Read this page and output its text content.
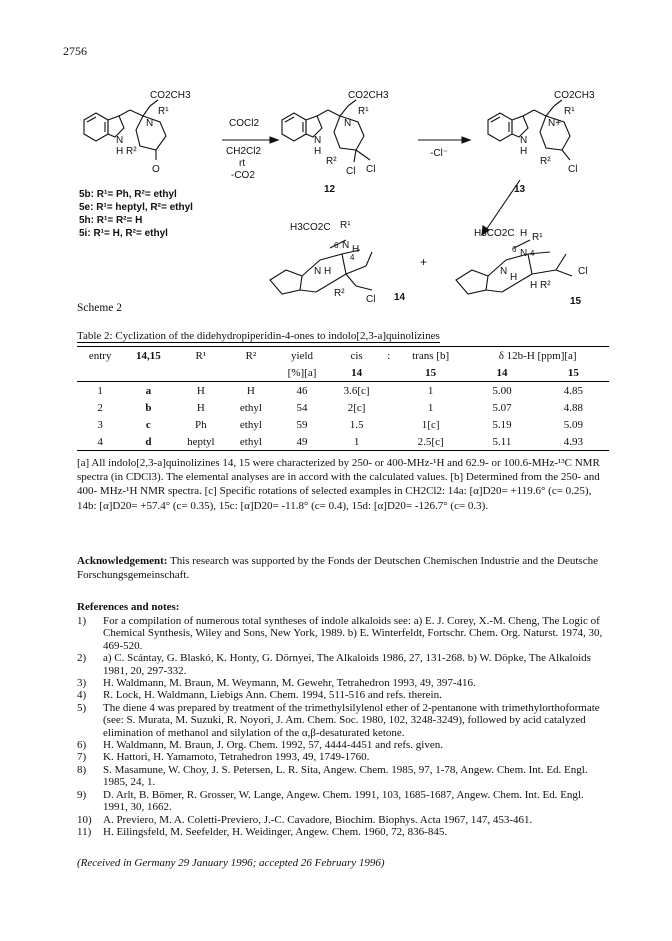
2756
CO2CH3
R¹
N
N
H R²
O
COCl2
CH2Cl2
rt
-CO2
-Cl⁻
CO2CH3
R¹
N
N
H
R²
Cl Cl
12
CO2CH3
R¹
N+
N
H
R²
Cl
13
H3CO2C R¹
6 N H
4
N H
R²
Cl 14
+
H3CO2C H R¹
6 N 4
N
H
H R²
Cl
15
5b: R¹= Ph, R²= ethyl
5e: R¹= heptyl, R²= ethyl
5h: R¹= R²= H
5i: R¹= H, R²= ethyl
Scheme 2
Table 2: Cyclization of the didehydropiperidin-4-ones to indolo[2,3-a]quinolizines
entry	14,15	R¹	R²	yield	cis	:	trans [b]	δ 12b-H [ppm][a]	
				[%][a]	14		15	14	15
1	a	H	H	46	3.6[c]		1	5.00	4.85
2	b	H	ethyl	54	2[c]		1	5.07	4.88
3	c	Ph	ethyl	59	1.5		1[c]	5.19	5.09
4	d	heptyl	ethyl	49	1		2.5[c]	5.11	4.93
[a] All indolo[2,3-a]quinolizines 14, 15 were characterized by 250- or 400-MHz-¹H and 62.9- or 100.6-MHz-¹³C NMR spectra (in CDCl3). The elemental analyses are in accord with the calculated values. [b] Determined from the 250- and 400- MHz-¹H NMR spectra. [c] Specific rotations of selected examples in CH2Cl2: 14a: [α]D20= +119.6° (c= 0.25), 14b: [α]D20= +57.4° (c= 0.35), 15c: [α]D20= -11.8° (c= 0.4), 15d: [α]D20= -126.7° (c= 0.3).
Acknowledgement: This research was supported by the Fonds der Deutschen Chemischen Industrie and the Deutsche Forschungsgemeinschaft.
References and notes:
1)	For a compilation of numerous total syntheses of indole alkaloids see: a) E. J. Corey, X.-M. Cheng, The Logic of Chemical Synthesis, Wiley and Sons, New York, 1989. b) E. Winterfeldt, Fortschr. Chem. Org. Naturst. 1974, 30, 469-520.
2)	a) C. Scántay, G. Blaskó, K. Honty, G. Dörnyei, The Alkaloids 1986, 27, 131-268. b) W. Döpke, The Alkaloids 1981, 20, 297-332.
3)	H. Waldmann, M. Braun, M. Weymann, M. Gewehr, Tetrahedron 1993, 49, 397-416.
4)	R. Lock, H. Waldmann, Liebigs Ann. Chem. 1994, 511-516 and refs. therein.
5)	The diene 4 was prepared by treatment of the trimethylsilylenol ether of 2-pentanone with trimethylorthoformate (see: S. Murata, M. Suzuki, R. Noyori, J. Am. Chem. Soc. 1980, 102, 3248-3249), followed by acid catalyzed elimination of methanol and silylation of the α,β-desaturated ketone.
6)	H. Waldmann, M. Braun, J. Org. Chem. 1992, 57, 4444-4451 and refs. given.
7)	K. Hattori, H. Yamamoto, Tetrahedron 1993, 49, 1749-1760.
8)	S. Masamune, W. Choy, J. S. Petersen, L. R. Sita, Angew. Chem. 1985, 97, 1-78, Angew. Chem. Int. Ed. Engl. 1985, 24, 1.
9)	D. Arlt, B. Bömer, R. Grosser, W. Lange, Angew. Chem. 1991, 103, 1685-1687, Angew. Chem. Int. Ed. Engl. 1991, 30, 1662.
10)	A. Previero, M. A. Coletti-Previero, J.-C. Cavadore, Biochim. Biophys. Acta 1967, 147, 453-461.
11)	H. Eilingsfeld, M. Seefelder, H. Weidinger, Angew. Chem. 1960, 72, 836-845.
(Received in Germany 29 January 1996; accepted 26 February 1996)
